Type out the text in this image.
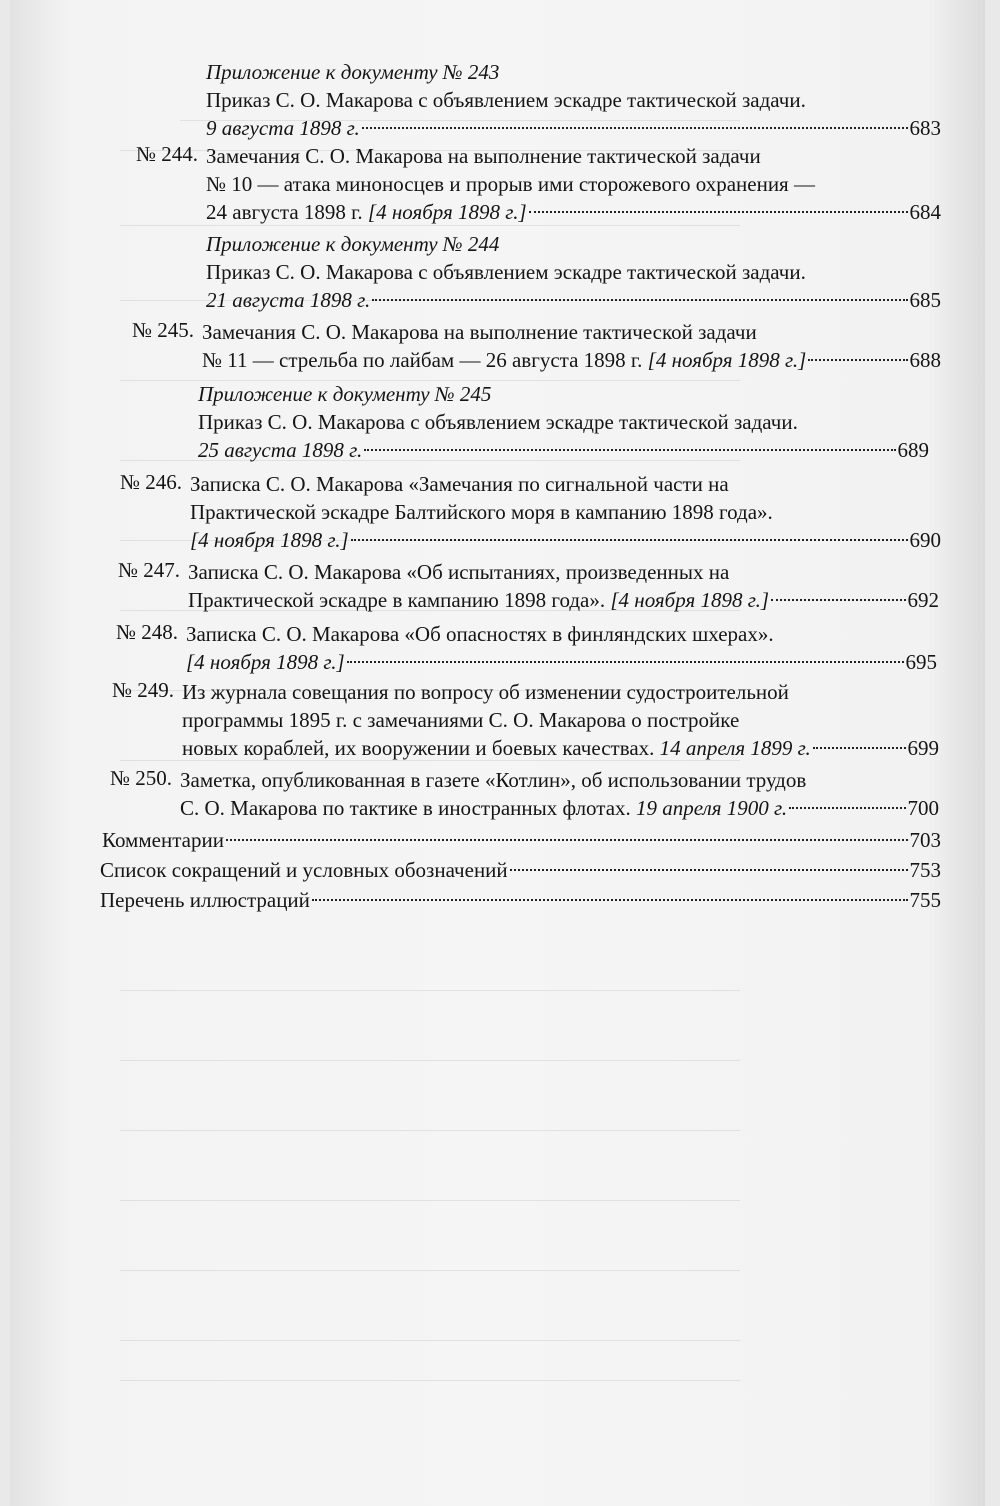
Приложение к документу № 243
Приказ С. О. Макарова с объявлением эскадре тактической задачи.
9 августа 1898 г.	683
№ 244. Замечания С. О. Макарова на выполнение тактической задачи
№ 10 — атака миноносцев и прорыв ими сторожевого охранения —
24 августа 1898 г.
[4 ноября 1898 г.]	684
Приложение к документу № 244
Приказ С. О. Макарова с объявлением эскадре тактической задачи.
21 августа 1898 г.	685
№ 245. Замечания С. О. Макарова на выполнение тактической задачи
№ 11 — стрельба по лайбам — 26 августа 1898 г.
[4 ноября 1898 г.]	688
Приложение к документу № 245
Приказ С. О. Макарова с объявлением эскадре тактической задачи.
25 августа 1898 г.	689
№ 246. Записка С. О. Макарова «Замечания по сигнальной части на
Практической эскадре Балтийского моря в кампанию 1898 года».
[4 ноября 1898 г.]	690
№ 247. Записка С. О. Макарова «Об испытаниях, произведенных на
Практической эскадре в кампанию 1898 года».
[4 ноября 1898 г.]	692
№ 248. Записка С. О. Макарова «Об опасностях в финляндских шхерах».
[4 ноября 1898 г.]	695
№ 249. Из журнала совещания по вопросу об изменении судостроительной
программы 1895 г. с замечаниями С. О. Макарова о постройке
новых кораблей, их вооружении и боевых качествах.
14 апреля 1899 г.	699
№ 250. Заметка, опубликованная в газете «Котлин», об использовании трудов
С. О. Макарова по тактике в иностранных флотах.
19 апреля 1900 г.	700
Комментарии	703
Список сокращений и условных обозначений	753
Перечень иллюстраций	755
